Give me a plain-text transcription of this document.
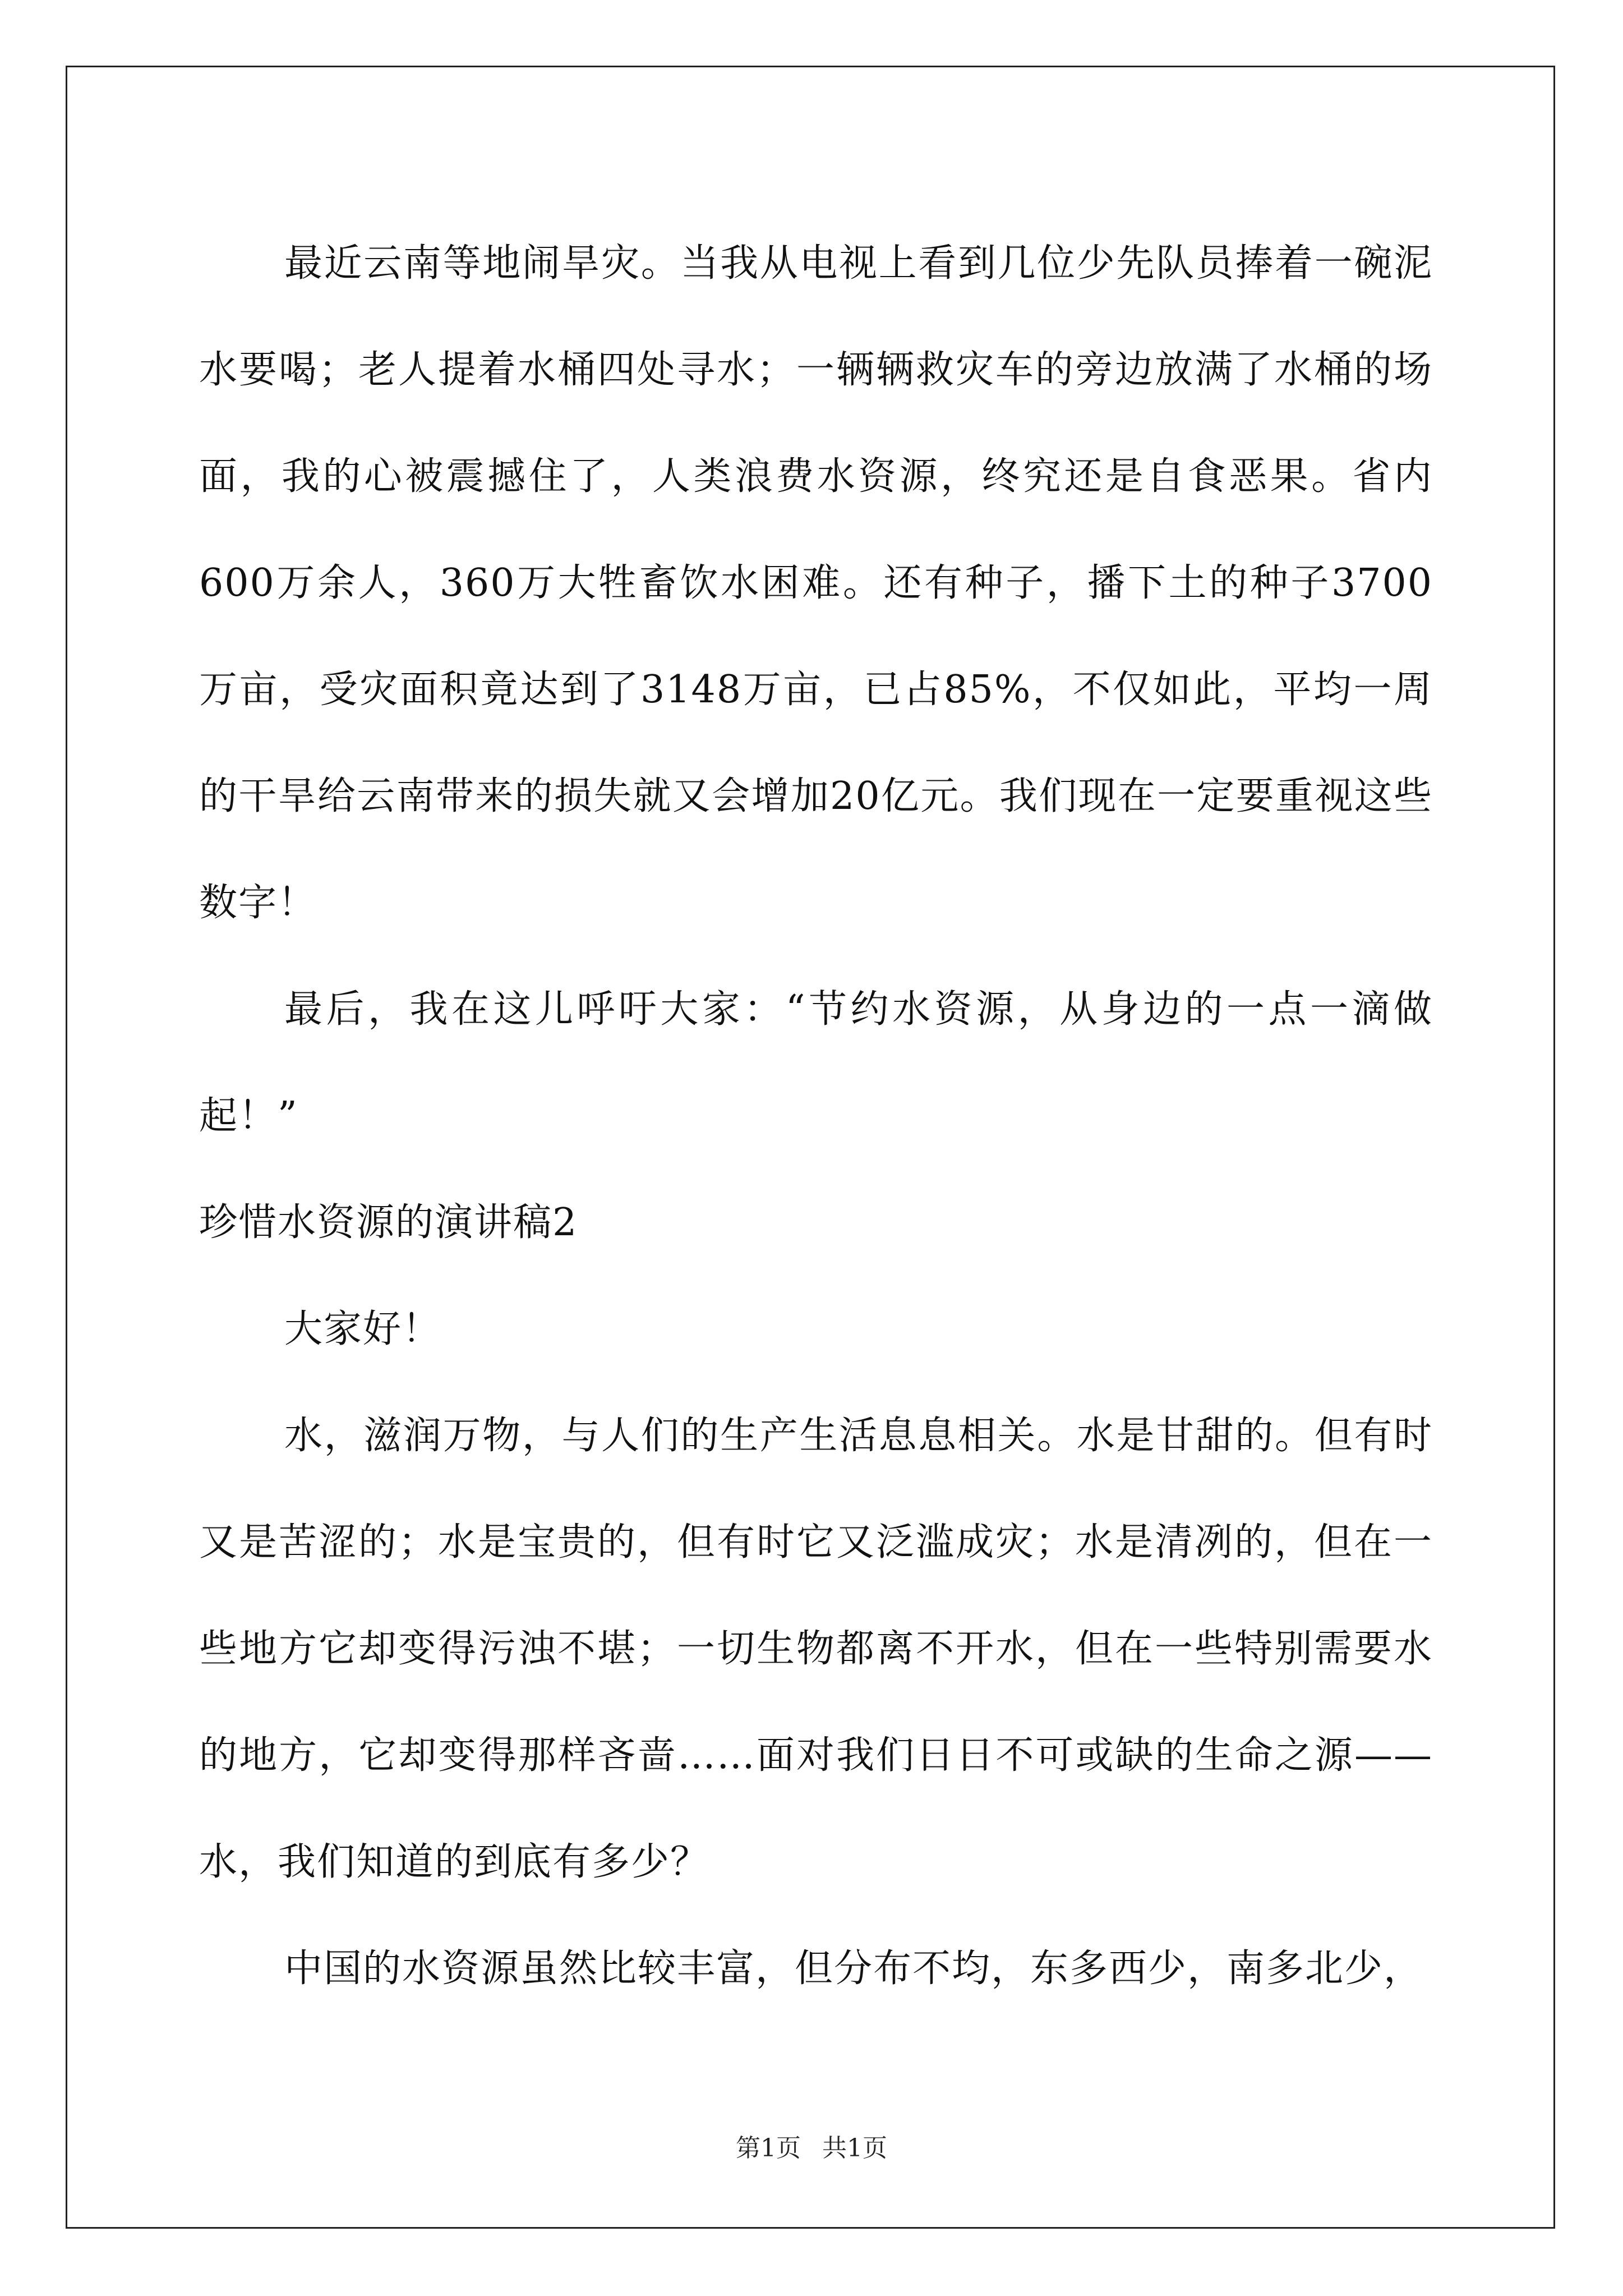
最近云南等地闹旱灾。当我从电视上看到几位少先队员捧着一碗泥水要喝；老人提着水桶四处寻水；一辆辆救灾车的旁边放满了水桶的场面，我的心被震撼住了，人类浪费水资源，终究还是自食恶果。省内600万余人，360万大牲畜饮水困难。还有种子，播下土的种子3700万亩，受灾面积竟达到了3148万亩，已占85%，不仅如此，平均一周的干旱给云南带来的损失就又会增加20亿元。我们现在一定要重视这些数字！

最后，我在这儿呼吁大家：“节约水资源，从身边的一点一滴做起！”

珍惜水资源的演讲稿2

大家好！

水，滋润万物，与人们的生产生活息息相关。水是甘甜的。但有时又是苦涩的；水是宝贵的，但有时它又泛滥成灾；水是清冽的，但在一些地方它却变得污浊不堪；一切生物都离不开水，但在一些特别需要水的地方，它却变得那样吝啬……面对我们日日不可或缺的生命之源——水，我们知道的到底有多少？

中国的水资源虽然比较丰富，但分布不均，东多西少，南多北少，

第1页 共1页
